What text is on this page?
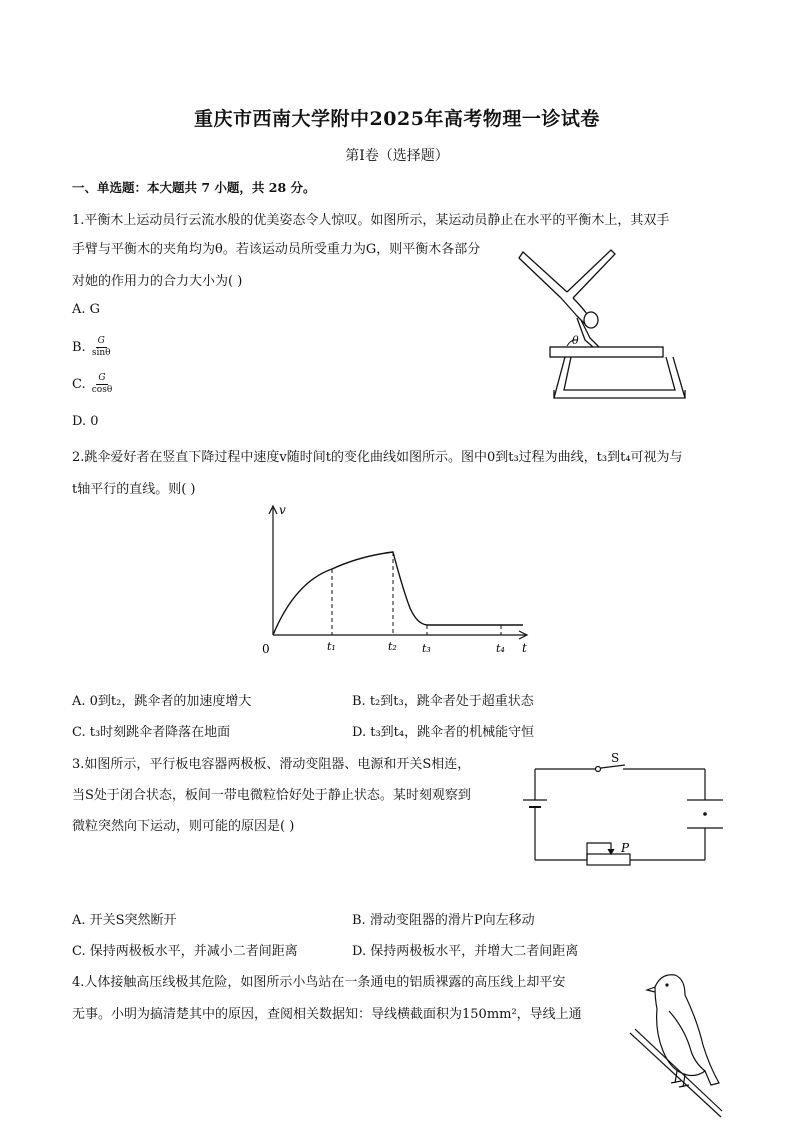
重庆市西南大学附中2025年高考物理一诊试卷
第I卷（选择题）
一、单选题：本大题共 7 小题，共 28 分。
1.平衡木上运动员行云流水般的优美姿态令人惊叹。如图所示，某运动员静止在水平的平衡木上，其双手
手臂与平衡木的夹角均为θ。若该运动员所受重力为G，则平衡木各部分
对她的作用力的合力大小为( )
A. G
B. $\frac{G}{\sin\theta}$
C. $\frac{G}{\cos\theta}$
D. 0
θ
2.跳伞爱好者在竖直下降过程中速度v随时间t的变化曲线如图所示。图中0到t₃过程为曲线，t₃到t₄可视为与
t轴平行的直线。则( )
v
t
0	t₁	t₂ t₃	t₄
A. 0到t₂，跳伞者的加速度增大	B. t₂到t₃，跳伞者处于超重状态
C. t₃时刻跳伞者降落在地面	D. t₃到t₄，跳伞者的机械能守恒
3.如图所示，平行板电容器两极板、滑动变阻器、电源和开关S相连，
当S处于闭合状态，板间一带电微粒恰好处于静止状态。某时刻观察到
微粒突然向下运动，则可能的原因是( )
S
P
A. 开关S突然断开	B. 滑动变阻器的滑片P向左移动
C. 保持两极板水平，并减小二者间距离	D. 保持两极板水平，并增大二者间距离
4.人体接触高压线极其危险，如图所示小鸟站在一条通电的铝质裸露的高压线上却平安
无事。小明为搞清楚其中的原因，查阅相关数据知：导线横截面积为150mm²，导线上通
